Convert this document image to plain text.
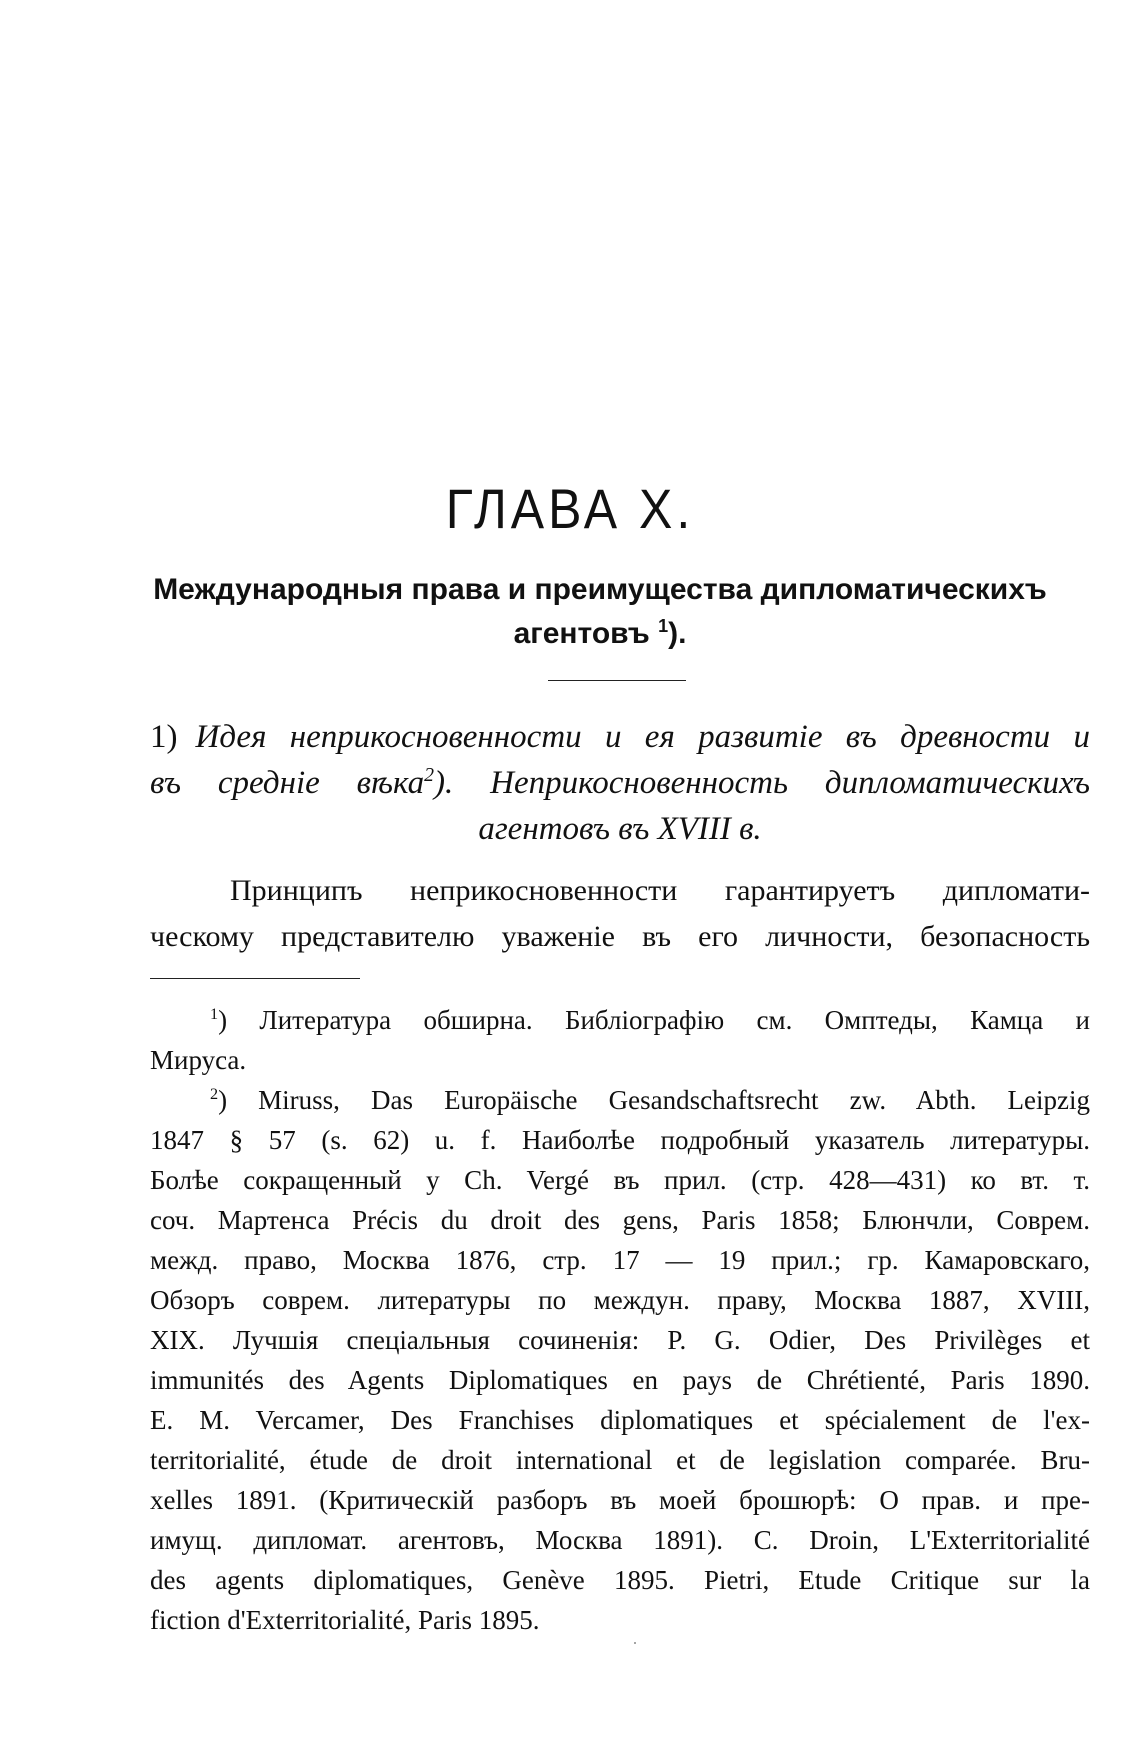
ГЛАВА X.
Международныя права и преимущества дипломатическихъ
агентовъ $^1$).
1) Идея неприкосновенности и ея развитіе въ древности и
въ средніе вѣка$^2$). Неприкосновенность дипломатическихъ
агентовъ въ XVIII в.
Принципъ неприкосновенности гарантируетъ дипломати-
ческому представителю уваженіе въ его личности, безопасность
$^1$) Литература обширна. Библіографію см. Омптеды, Камца и
Мируса.
$^2$) Miruss, Das Europäische Gesandschaftsrecht zw. Abth. Leipzig
1847 § 57 (s. 62) u. f. Наиболѣе подробный указатель литературы.
Болѣе сокращенный у Ch. Vergé въ прил. (стр. 428—431) ко вт. т.
соч. Мартенса Précis du droit des gens, Paris 1858; Блюнчли, Соврем.
межд. право, Москва 1876, стр. 17 — 19 прил.; гр. Камаровскаго,
Обзоръ соврем. литературы по междун. праву, Москва 1887, XVIII,
XIX. Лучшія спеціальныя сочиненія: P. G. Odier, Des Privilèges et
immunités des Agents Diplomatiques en pays de Chrétienté, Paris 1890.
E. M. Vercamer, Des Franchises diplomatiques et spécialement de l'ex-
territorialité, étude de droit international et de legislation comparée. Bru-
xelles 1891. (Критическій разборъ въ моей брошюрѣ: О прав. и пре-
имущ. дипломат. агентовъ, Москва 1891). C. Droin, L'Exterritorialité
des agents diplomatiques, Genève 1895. Pietri, Etude Critique sur la
fiction d'Exterritorialité, Paris 1895.
